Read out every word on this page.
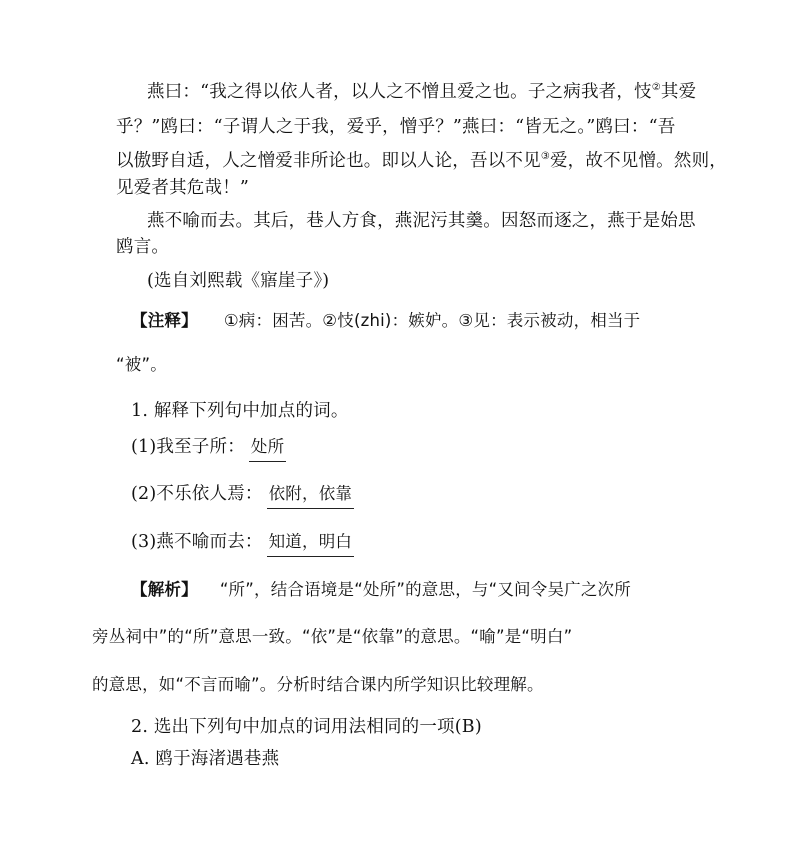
燕曰：“我之得以依人者，以人之不憎且爱之也。子之病我者，忮②其爱
乎？”鸥曰：“子谓人之于我，爱乎，憎乎？”燕曰：“皆无之。”鸥曰：“吾
以傲野自适，人之憎爱非所论也。即以人论，吾以不见③爱，故不见憎。然则，
见爱者其危哉！”
燕不喻而去。其后，巷人方食，燕泥污其羹。因怒而逐之，燕于是始思
鸥言。
(选自刘熙载《寤崖子》)
【注释】 ①病：困苦。②忮(zhi)：嫉妒。③见：表示被动，相当于
“被”。
1. 解释下列句中加点的词。
(1)我至子所： 处所
(2)不乐依人焉： 依附，依靠
(3)燕不喻而去： 知道，明白
【解析】 “所”，结合语境是“处所”的意思，与“又间令吴广之次所
旁丛祠中”的“所”意思一致。“依”是“依靠”的意思。“喻”是“明白”
的意思，如“不言而喻”。分析时结合课内所学知识比较理解。
2. 选出下列句中加点的词用法相同的一项(B)
A. 鸥于海渚遇巷燕
